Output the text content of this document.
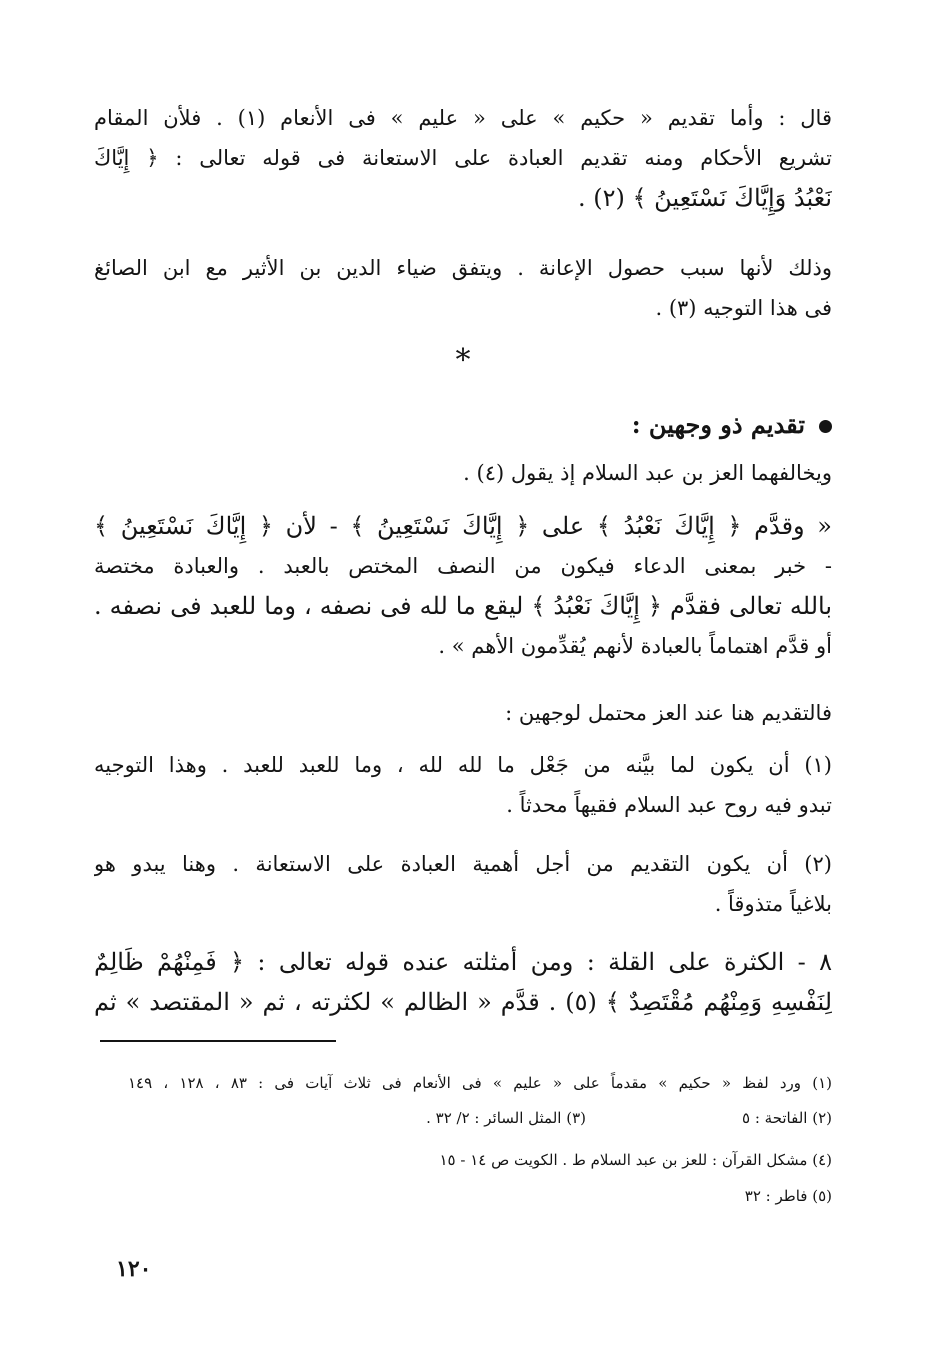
قال : وأما تقديم « حكيم » على « عليم » فى الأنعام (١) . فلأن المقام
تشريع الأحكام ومنه تقديم العبادة على الاستعانة فى قوله تعالى : ﴿ إِيَّاكَ
نَعْبُدُ وَإِيَّاكَ نَسْتَعِينُ ﴾ (٢) .
وذلك لأنها سبب حصول الإعانة . ويتفق ضياء الدين بن الأثير مع ابن الصائغ
فى هذا التوجيه (٣) .
*
تقديم ذو وجهين :
ويخالفهما العز بن عبد السلام إذ يقول (٤) .
« وقدَّم ﴿ إِيَّاكَ نَعْبُدُ ﴾ على ﴿ إِيَّاكَ نَسْتَعِينُ ﴾ - لأن ﴿ إِيَّاكَ نَسْتَعِينُ ﴾
- خبر بمعنى الدعاء فيكون من النصف المختص بالعبد . والعبادة مختصة
بالله تعالى فقدَّم ﴿ إِيَّاكَ نَعْبُدُ ﴾ ليقع ما لله فى نصفه ، وما للعبد فى نصفه .
أو قدَّم اهتماماً بالعبادة لأنهم يُقدِّمون الأهم » .
فالتقديم هنا عند العز محتمل لوجهين :
(١) أن يكون لما بيَّنه من جَعْل ما لله لله ، وما للعبد للعبد . وهذا التوجيه
تبدو فيه روح عبد السلام فقيهاً محدثاً .
(٢) أن يكون التقديم من أجل أهمية العبادة على الاستعانة . وهنا يبدو هو
بلاغياً متذوقاً .
٨ - الكثرة على القلة : ومن أمثلته عنده قوله تعالى : ﴿ فَمِنْهُمْ ظَالِمٌ
لِنَفْسِهِ وَمِنْهُم مُقْتَصِدٌ ﴾ (٥) . قدَّم « الظالم » لكثرته ، ثم « المقتصد » ثم
(١) ورد لفظ « حكيم » مقدماً على « عليم » فى الأنعام فى ثلاث آيات فى : ٨٣ ، ١٢٨ ، ١٤٩
(٢) الفاتحة : ٥
(٣) المثل السائر : ٢/ ٣٢ .
(٤) مشكل القرآن : للعز بن عبد السلام ط . الكويت ص ١٤ - ١٥
(٥) فاطر : ٣٢
١٢٠
